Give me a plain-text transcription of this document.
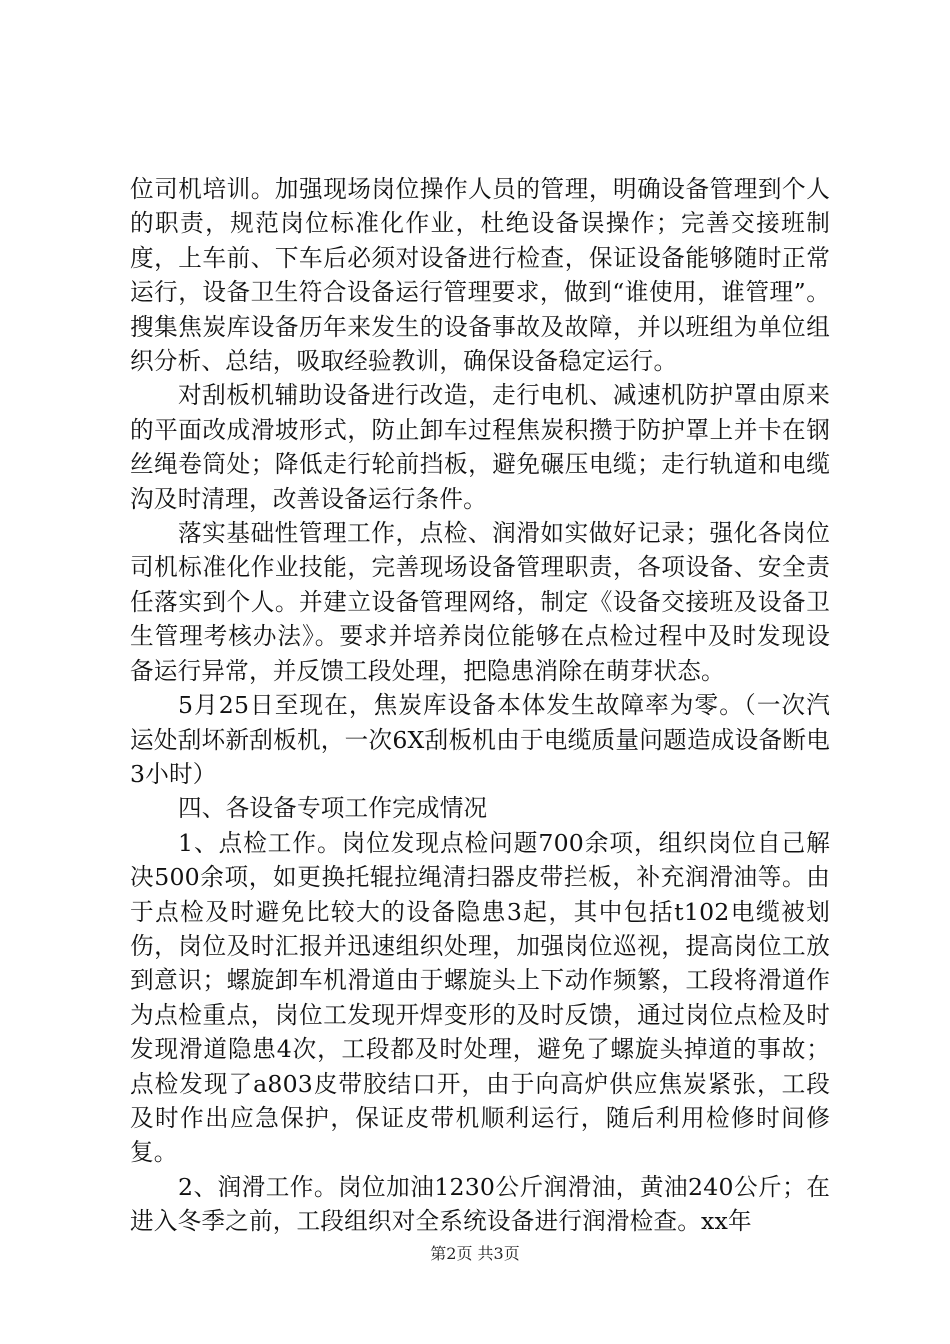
位司机培训。加强现场岗位操作人员的管理，明确设备管理到个人的职责，规范岗位标准化作业，杜绝设备误操作；完善交接班制度，上车前、下车后必须对设备进行检查，保证设备能够随时正常运行，设备卫生符合设备运行管理要求，做到“谁使用，谁管理”。搜集焦炭库设备历年来发生的设备事故及故障，并以班组为单位组织分析、总结，吸取经验教训，确保设备稳定运行。

对刮板机辅助设备进行改造，走行电机、减速机防护罩由原来的平面改成滑坡形式，防止卸车过程焦炭积攒于防护罩上并卡在钢丝绳卷筒处；降低走行轮前挡板，避免碾压电缆；走行轨道和电缆沟及时清理，改善设备运行条件。

落实基础性管理工作，点检、润滑如实做好记录；强化各岗位司机标准化作业技能，完善现场设备管理职责，各项设备、安全责任落实到个人。并建立设备管理网络，制定《设备交接班及设备卫生管理考核办法》。要求并培养岗位能够在点检过程中及时发现设备运行异常，并反馈工段处理，把隐患消除在萌芽状态。

5月25日至现在，焦炭库设备本体发生故障率为零。（一次汽运处刮坏新刮板机，一次6X刮板机由于电缆质量问题造成设备断电3小时）

四、各设备专项工作完成情况

1、点检工作。岗位发现点检问题700余项，组织岗位自己解决500余项，如更换托辊拉绳清扫器皮带拦板，补充润滑油等。由于点检及时避免比较大的设备隐患3起，其中包括t102电缆被划伤，岗位及时汇报并迅速组织处理，加强岗位巡视，提高岗位工放到意识；螺旋卸车机滑道由于螺旋头上下动作频繁，工段将滑道作为点检重点，岗位工发现开焊变形的及时反馈，通过岗位点检及时发现滑道隐患4次，工段都及时处理，避免了螺旋头掉道的事故；点检发现了a803皮带胶结口开，由于向高炉供应焦炭紧张，工段及时作出应急保护，保证皮带机顺利运行，随后利用检修时间修复。

2、润滑工作。岗位加油1230公斤润滑油，黄油240公斤；在进入冬季之前，工段组织对全系统设备进行润滑检查。xx年

第2页 共3页
